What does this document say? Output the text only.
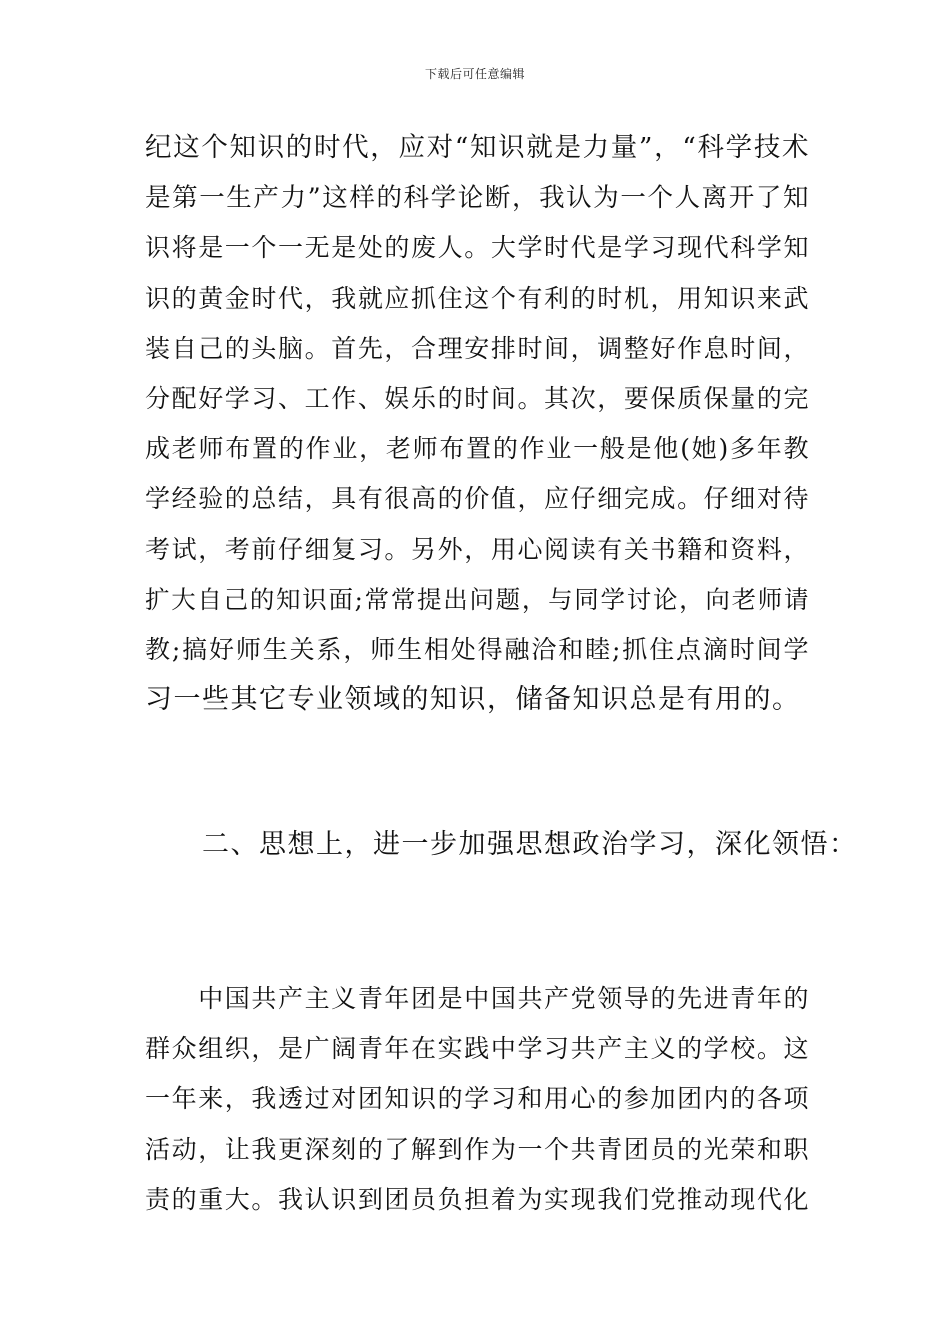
下载后可任意编辑
纪这个知识的时代，应对“知识就是力量”，“科学技术
是第一生产力”这样的科学论断，我认为一个人离开了知
识将是一个一无是处的废人。大学时代是学习现代科学知
识的黄金时代，我就应抓住这个有利的时机，用知识来武
装自己的头脑。首先，合理安排时间，调整好作息时间，
分配好学习、工作、娱乐的时间。其次，要保质保量的完
成老师布置的作业，老师布置的作业一般是他(她)多年教
学经验的总结，具有很高的价值，应仔细完成。仔细对待
考试，考前仔细复习。另外，用心阅读有关书籍和资料，
扩大自己的知识面;常常提出问题，与同学讨论，向老师请
教;搞好师生关系，师生相处得融洽和睦;抓住点滴时间学
习一些其它专业领域的知识，储备知识总是有用的。
二、思想上，进一步加强思想政治学习，深化领悟：
　　中国共产主义青年团是中国共产党领导的先进青年的
群众组织，是广阔青年在实践中学习共产主义的学校。这
一年来，我透过对团知识的学习和用心的参加团内的各项
活动，让我更深刻的了解到作为一个共青团员的光荣和职
责的重大。我认识到团员负担着为实现我们党推动现代化
